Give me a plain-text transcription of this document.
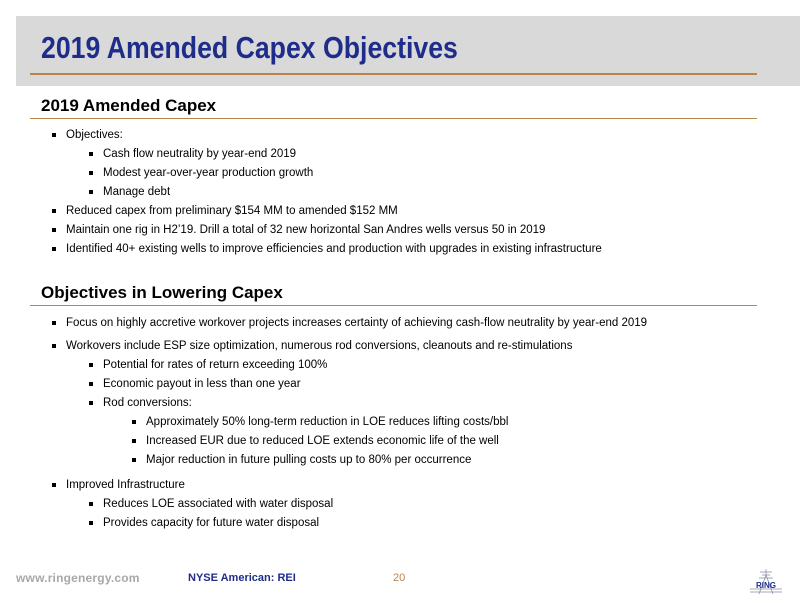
2019 Amended Capex Objectives
2019 Amended Capex
Objectives:
Cash flow neutrality by year-end 2019
Modest year-over-year production growth
Manage debt
Reduced capex from preliminary $154 MM to amended $152 MM
Maintain one rig in H2’19. Drill a total of 32 new horizontal San Andres wells versus 50 in 2019
Identified 40+ existing wells to improve efficiencies and production with upgrades in existing infrastructure
Objectives in Lowering Capex
Focus on highly accretive workover projects increases certainty of achieving cash-flow neutrality by year-end 2019
Workovers include ESP size optimization, numerous rod conversions, cleanouts and re-stimulations
Potential for rates of return exceeding 100%
Economic payout in less than one year
Rod conversions:
Approximately 50% long-term reduction in LOE reduces lifting costs/bbl
Increased EUR due to reduced LOE extends economic life of the well
Major reduction in future pulling costs up to 80% per occurrence
Improved Infrastructure
Reduces LOE associated with water disposal
Provides capacity for future water disposal
www.ringenergy.com	NYSE American: REI	20
RING
